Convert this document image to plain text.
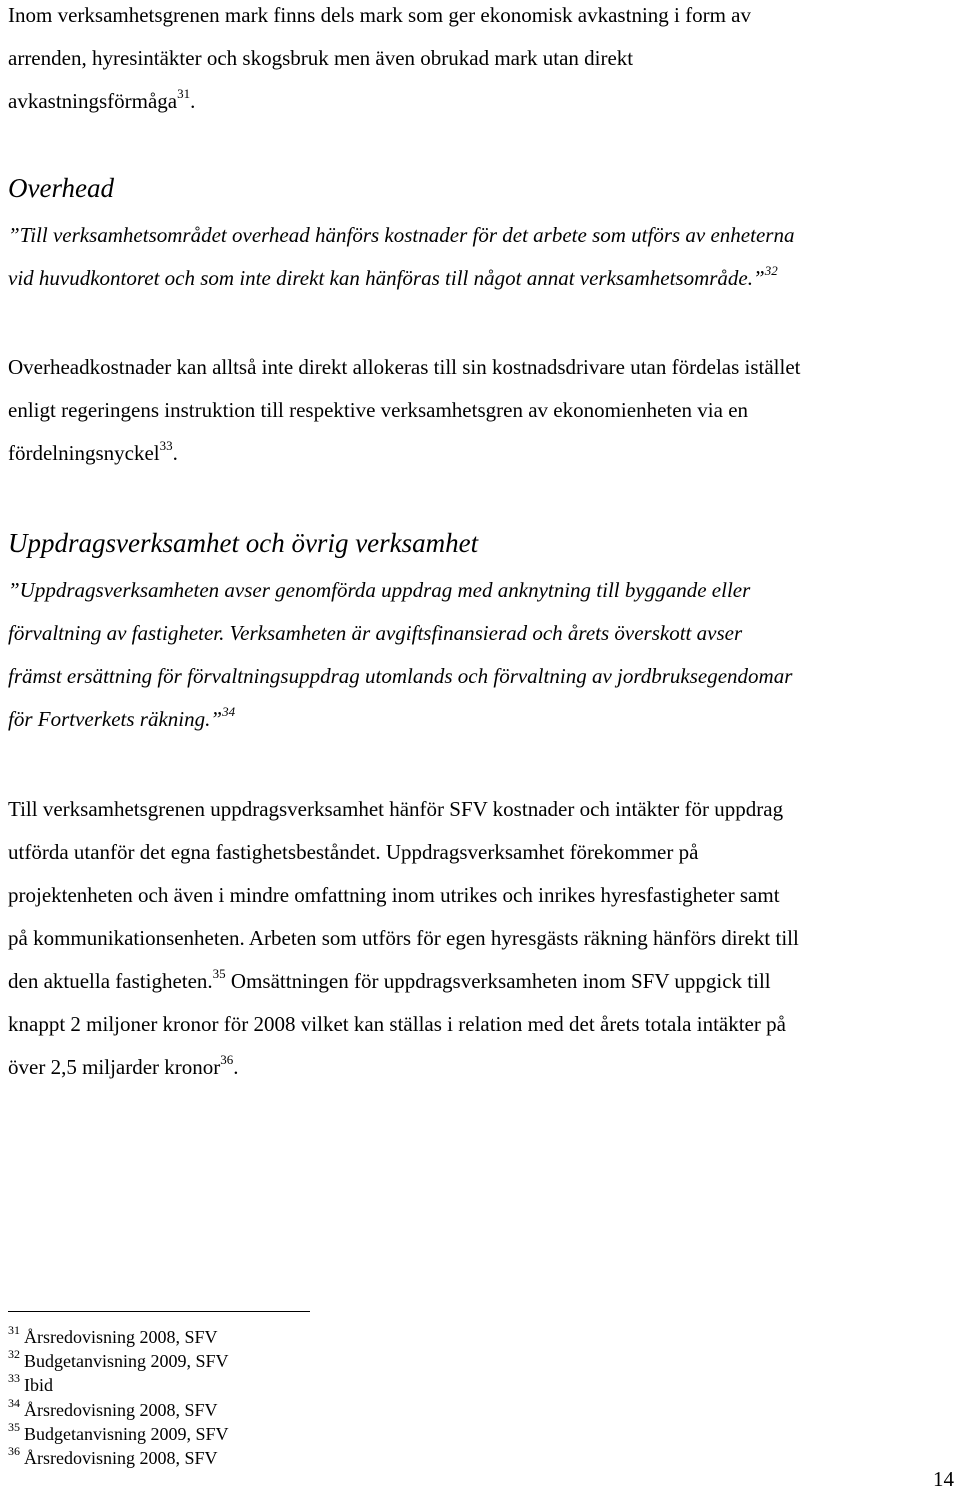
Inom verksamhetsgrenen mark finns dels mark som ger ekonomisk avkastning i form av
arrenden, hyresintäkter och skogsbruk men även obrukad mark utan direkt
avkastningsförmåga$^{31}$.
Overhead
”Till verksamhetsområdet overhead hänförs kostnader för det arbete som utförs av enheterna
vid huvudkontoret och som inte direkt kan hänföras till något annat verksamhetsområde.”$^{32}$
Overheadkostnader kan alltså inte direkt allokeras till sin kostnadsdrivare utan fördelas istället
enligt regeringens instruktion till respektive verksamhetsgren av ekonomienheten via en
fördelningsnyckel$^{33}$.
Uppdragsverksamhet och övrig verksamhet
”Uppdragsverksamheten avser genomförda uppdrag med anknytning till byggande eller
förvaltning av fastigheter. Verksamheten är avgiftsfinansierad och årets överskott avser
främst ersättning för förvaltningsuppdrag utomlands och förvaltning av jordbruksegendomar
för Fortverkets räkning.”$^{34}$
Till verksamhetsgrenen uppdragsverksamhet hänför SFV kostnader och intäkter för uppdrag
utförda utanför det egna fastighetsbeståndet. Uppdragsverksamhet förekommer på
projektenheten och även i mindre omfattning inom utrikes och inrikes hyresfastigheter samt
på kommunikationsenheten. Arbeten som utförs för egen hyresgästs räkning hänförs direkt till
den aktuella fastigheten.$^{35}$ Omsättningen för uppdragsverksamheten inom SFV uppgick till
knappt 2 miljoner kronor för 2008 vilket kan ställas i relation med det årets totala intäkter på
över 2,5 miljarder kronor$^{36}$.
$^{31}$ Årsredovisning 2008, SFV
$^{32}$ Budgetanvisning 2009, SFV
$^{33}$ Ibid
$^{34}$ Årsredovisning 2008, SFV
$^{35}$ Budgetanvisning 2009, SFV
$^{36}$ Årsredovisning 2008, SFV
14
